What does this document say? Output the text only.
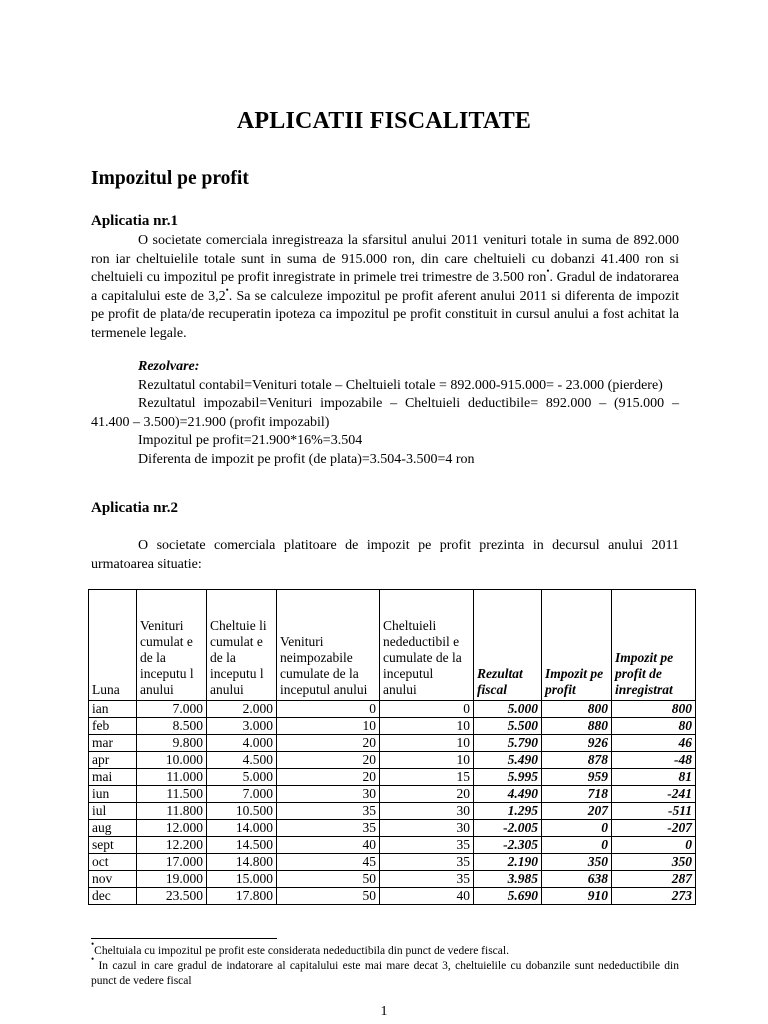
APLICATII FISCALITATE
Impozitul pe profit
Aplicatia nr.1

O societate comerciala inregistreaza la sfarsitul anului 2011 venituri totale in suma de 892.000 ron iar cheltuielile totale sunt in suma de 915.000 ron, din care cheltuieli cu dobanzi 41.400 ron si cheltuieli cu impozitul pe profit inregistrate in primele trei trimestre de 3.500 ron•. Gradul de indatorarea a capitalului este de 3,2•. Sa se calculeze impozitul pe profit aferent anului 2011 si diferenta de impozit pe profit de plata/de recuperatin ipoteza ca impozitul pe profit constituit in cursul anului a fost achitat la termenele legale.

Rezolvare:

Rezultatul contabil=Venituri totale – Cheltuieli totale = 892.000-915.000= - 23.000 (pierdere)

Rezultatul impozabil=Venituri impozabile – Cheltuieli deductibile= 892.000 – (915.000 – 41.400 – 3.500)=21.900 (profit impozabil)

Impozitul pe profit=21.900*16%=3.504

Diferenta de impozit pe profit (de plata)=3.504-3.500=4 ron

Aplicatia nr.2

O societate comerciala platitoare de impozit pe profit prezinta in decursul anului 2011 urmatoarea situatie:

Luna	Venituri cumulat e de la inceputu l anului	Cheltuie li cumulat e de la inceputu l anului	Venituri neimpozabile cumulate de la inceputul anului	Cheltuieli nedeductibil e cumulate de la inceputul anului	Rezultat fiscal	Impozit pe profit	Impozit pe profit de inregistrat
ian	7.000	2.000	0	0	5.000	800	800
feb	8.500	3.000	10	10	5.500	880	80
mar	9.800	4.000	20	10	5.790	926	46
apr	10.000	4.500	20	10	5.490	878	-48
mai	11.000	5.000	20	15	5.995	959	81
iun	11.500	7.000	30	20	4.490	718	-241
iul	11.800	10.500	35	30	1.295	207	-511
aug	12.000	14.000	35	30	-2.005	0	-207
sept	12.200	14.500	40	35	-2.305	0	0
oct	17.000	14.800	45	35	2.190	350	350
nov	19.000	15.000	50	35	3.985	638	287
dec	23.500	17.800	50	40	5.690	910	273

•Cheltuiala cu impozitul pe profit este considerata nedeductibila din punct de vedere fiscal.

• In cazul in care gradul de indatorare al capitalului este mai mare decat 3, cheltuielile cu dobanzile sunt nedeductibile din punct de vedere fiscal

1
